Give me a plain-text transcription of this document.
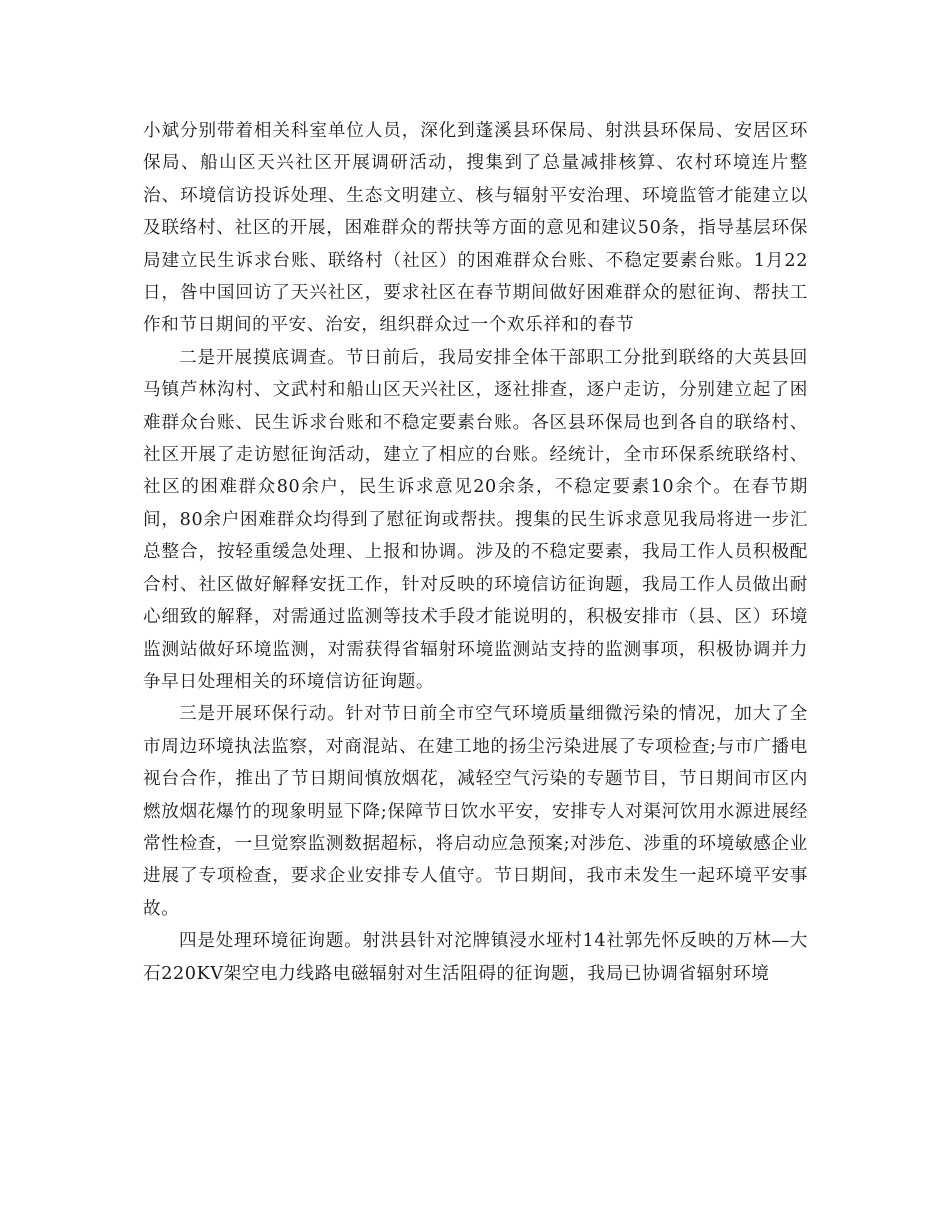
小斌分别带着相关科室单位人员，深化到蓬溪县环保局、射洪县环保局、安居区环保局、船山区天兴社区开展调研活动，搜集到了总量减排核算、农村环境连片整治、环境信访投诉处理、生态文明建立、核与辐射平安治理、环境监管才能建立以及联络村、社区的开展，困难群众的帮扶等方面的意见和建议50条，指导基层环保局建立民生诉求台账、联络村（社区）的困难群众台账、不稳定要素台账。1月22日，昝中国回访了天兴社区，要求社区在春节期间做好困难群众的慰征询、帮扶工作和节日期间的平安、治安，组织群众过一个欢乐祥和的春节

二是开展摸底调查。节日前后，我局安排全体干部职工分批到联络的大英县回马镇芦林沟村、文武村和船山区天兴社区，逐社排查，逐户走访，分别建立起了困难群众台账、民生诉求台账和不稳定要素台账。各区县环保局也到各自的联络村、社区开展了走访慰征询活动，建立了相应的台账。经统计，全市环保系统联络村、社区的困难群众80余户，民生诉求意见20余条，不稳定要素10余个。在春节期间，80余户困难群众均得到了慰征询或帮扶。搜集的民生诉求意见我局将进一步汇总整合，按轻重缓急处理、上报和协调。涉及的不稳定要素，我局工作人员积极配合村、社区做好解释安抚工作，针对反映的环境信访征询题，我局工作人员做出耐心细致的解释，对需通过监测等技术手段才能说明的，积极安排市（县、区）环境监测站做好环境监测，对需获得省辐射环境监测站支持的监测事项，积极协调并力争早日处理相关的环境信访征询题。

三是开展环保行动。针对节日前全市空气环境质量细微污染的情况，加大了全市周边环境执法监察，对商混站、在建工地的扬尘污染进展了专项检查;与市广播电视台合作，推出了节日期间慎放烟花，减轻空气污染的专题节目，节日期间市区内燃放烟花爆竹的现象明显下降;保障节日饮水平安，安排专人对渠河饮用水源进展经常性检查，一旦觉察监测数据超标，将启动应急预案;对涉危、涉重的环境敏感企业进展了专项检查，要求企业安排专人值守。节日期间，我市未发生一起环境平安事故。

四是处理环境征询题。射洪县针对沱牌镇浸水垭村14社郭先怀反映的万林—大石220KV架空电力线路电磁辐射对生活阻碍的征询题，我局已协调省辐射环境
